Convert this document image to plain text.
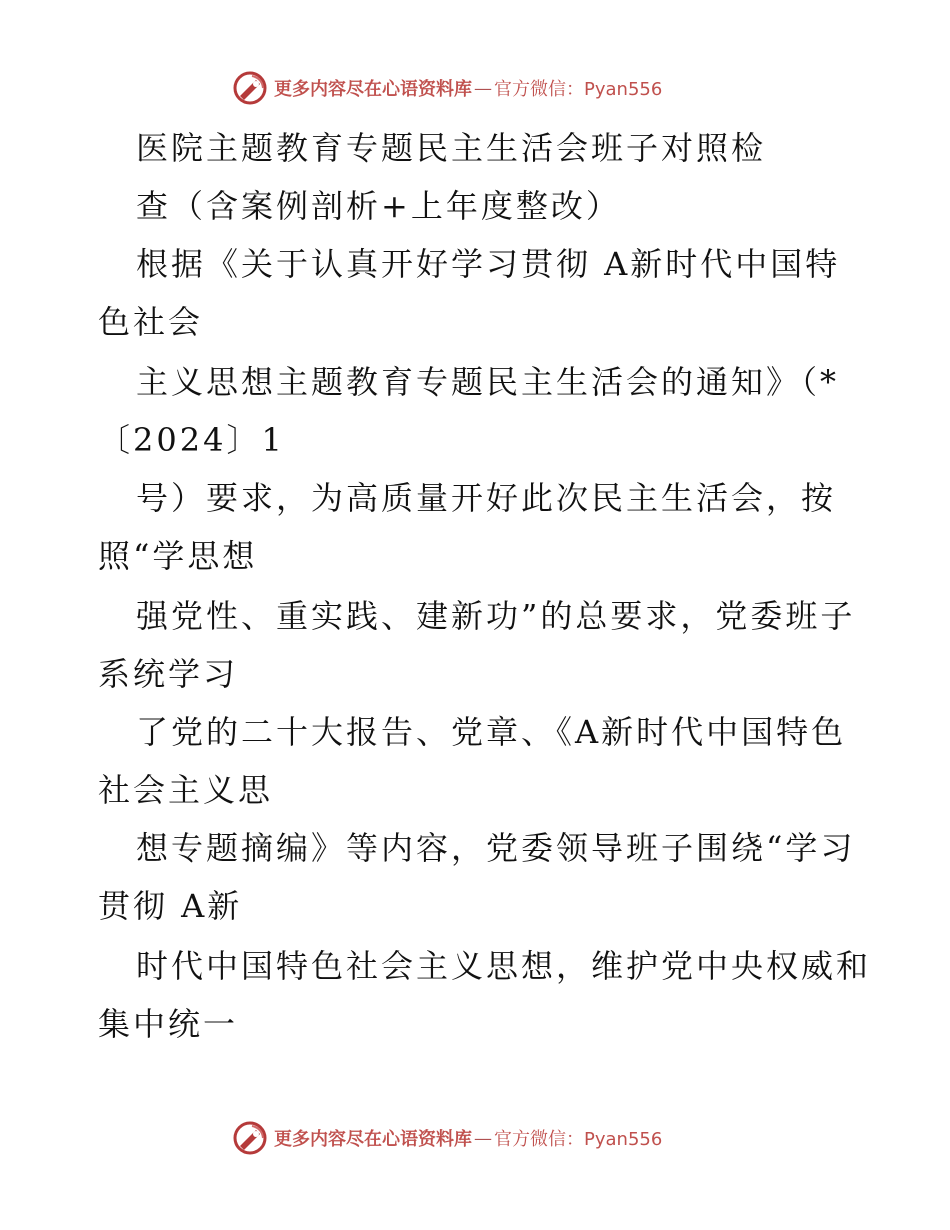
更多内容尽在心语资料库 — 官方微信：Pyan556
医院主题教育专题民主生活会班子对照检
查（含案例剖析+上年度整改）
根据《关于认真开好学习贯彻 A新时代中国特
色社会
主义思想主题教育专题民主生活会的通知》（*
〔2024〕1
号）要求，为高质量开好此次民主生活会，按
照“学思想
强党性、重实践、建新功”的总要求，党委班子
系统学习
了党的二十大报告、党章、《A新时代中国特色
社会主义思
想专题摘编》等内容，党委领导班子围绕“学习
贯彻 A新
时代中国特色社会主义思想，维护党中央权威和
集中统一
更多内容尽在心语资料库 — 官方微信：Pyan556
